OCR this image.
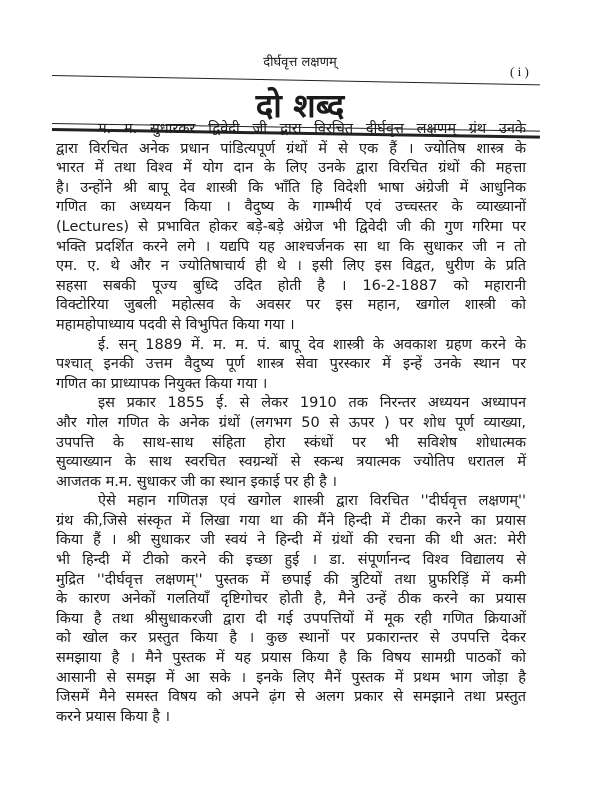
दीर्घवृत्त लक्षणम्
( i )
दो शब्द
म. म. सुधारकर द्विवेदी जी द्वारा विरचित दीर्घवृत्त लक्षणम् ग्रंथ उनके
द्वारा विरचित अनेक प्रधान पांडित्यपूर्ण ग्रंथों में से एक हैं । ज्योतिष शास्त्र के
भारत में तथा विश्व में योग दान के लिए उनके द्वारा विरचित ग्रंथों की महत्ता
है। उन्होंने श्री बापू देव शास्त्री कि भाँति हि विदेशी भाषा अंग्रेजी में आधुनिक
गणित का अध्ययन किया । वैदुष्य के गाम्भीर्य एवं उच्चस्तर के व्याख्यानों
(Lectures) से प्रभावित होकर बड़े-बड़े अंग्रेज भी द्विवेदी जी की गुण गरिमा पर
भक्ति प्रदर्शित करने लगे । यद्यपि यह आश्चर्जनक सा था कि सुधाकर जी न तो
एम. ए. थे और न ज्योतिषाचार्य ही थे । इसी लिए इस विद्वत, धुरीण के प्रति
सहसा सबकी पूज्य बुध्दि उदित होती है । 16-2-1887 को महारानी
विक्टोरिया जुबली महोत्सव के अवसर पर इस महान, खगोल शास्त्री को
महामहोपाध्याय पदवी से विभुपित किया गया ।
ई. सन् 1889 में. म. म. पं. बापू देव शास्त्री के अवकाश ग्रहण करने के
पश्चात् इनकी उत्तम वैदुष्य पूर्ण शास्त्र सेवा पुरस्कार में इन्हें उनके स्थान पर
गणित का प्राध्यापक नियुक्त किया गया ।
इस प्रकार 1855 ई. से लेकर 1910 तक निरन्तर अध्ययन अध्यापन
और गोल गणित के अनेक ग्रंथों (लगभग 50 से ऊपर ) पर शोध पूर्ण व्याख्या,
उपपत्ति के साथ-साथ संहिता होरा स्कंधों पर भी सविशेष शोधात्मक
सुव्याख्यान के साथ स्वरचित स्वग्रन्थों से स्कन्ध त्रयात्मक ज्योतिप धरातल में
आजतक म.म. सुधाकर जी का स्थान इकाई पर ही है ।
ऐसे महान गणितज्ञ एवं खगोल शास्त्री द्वारा विरचित ''दीर्घवृत्त लक्षणम्''
ग्रंथ की,जिसे संस्कृत में लिखा गया था की मैंने हिन्दी में टीका करने का प्रयास
किया हैं । श्री सुधाकर जी स्वयं ने हिन्दी में ग्रंथों की रचना की थी अत: मेरी
भी हिन्दी में टीको करने की इच्छा हुई । डा. संपूर्णानन्द विश्व विद्यालय से
मुद्रित ''दीर्घवृत्त लक्षणम्'' पुस्तक में छपाई की त्रुटियों तथा प्रुफरिड़िं में कमी
के कारण अनेकों गलतियाँ दृष्टिगोचर होती है, मैने उन्हें ठीक करने का प्रयास
किया है तथा श्रीसुधाकरजी द्वारा दी गई उपपत्तियों में मूक रही गणित क्रियाओं
को खोल कर प्रस्तुत किया है । कुछ स्थानों पर प्रकारान्तर से उपपत्ति देकर
समझाया है । मैने पुस्तक में यह प्रयास किया है कि विषय सामग्री पाठकों को
आसानी से समझ में आ सके । इनके लिए मैनें पुस्तक में प्रथम भाग जोड़ा है
जिसमें मैने समस्त विषय को अपने ढ़ंग से अलग प्रकार से समझाने तथा प्रस्तुत
करने प्रयास किया है ।
